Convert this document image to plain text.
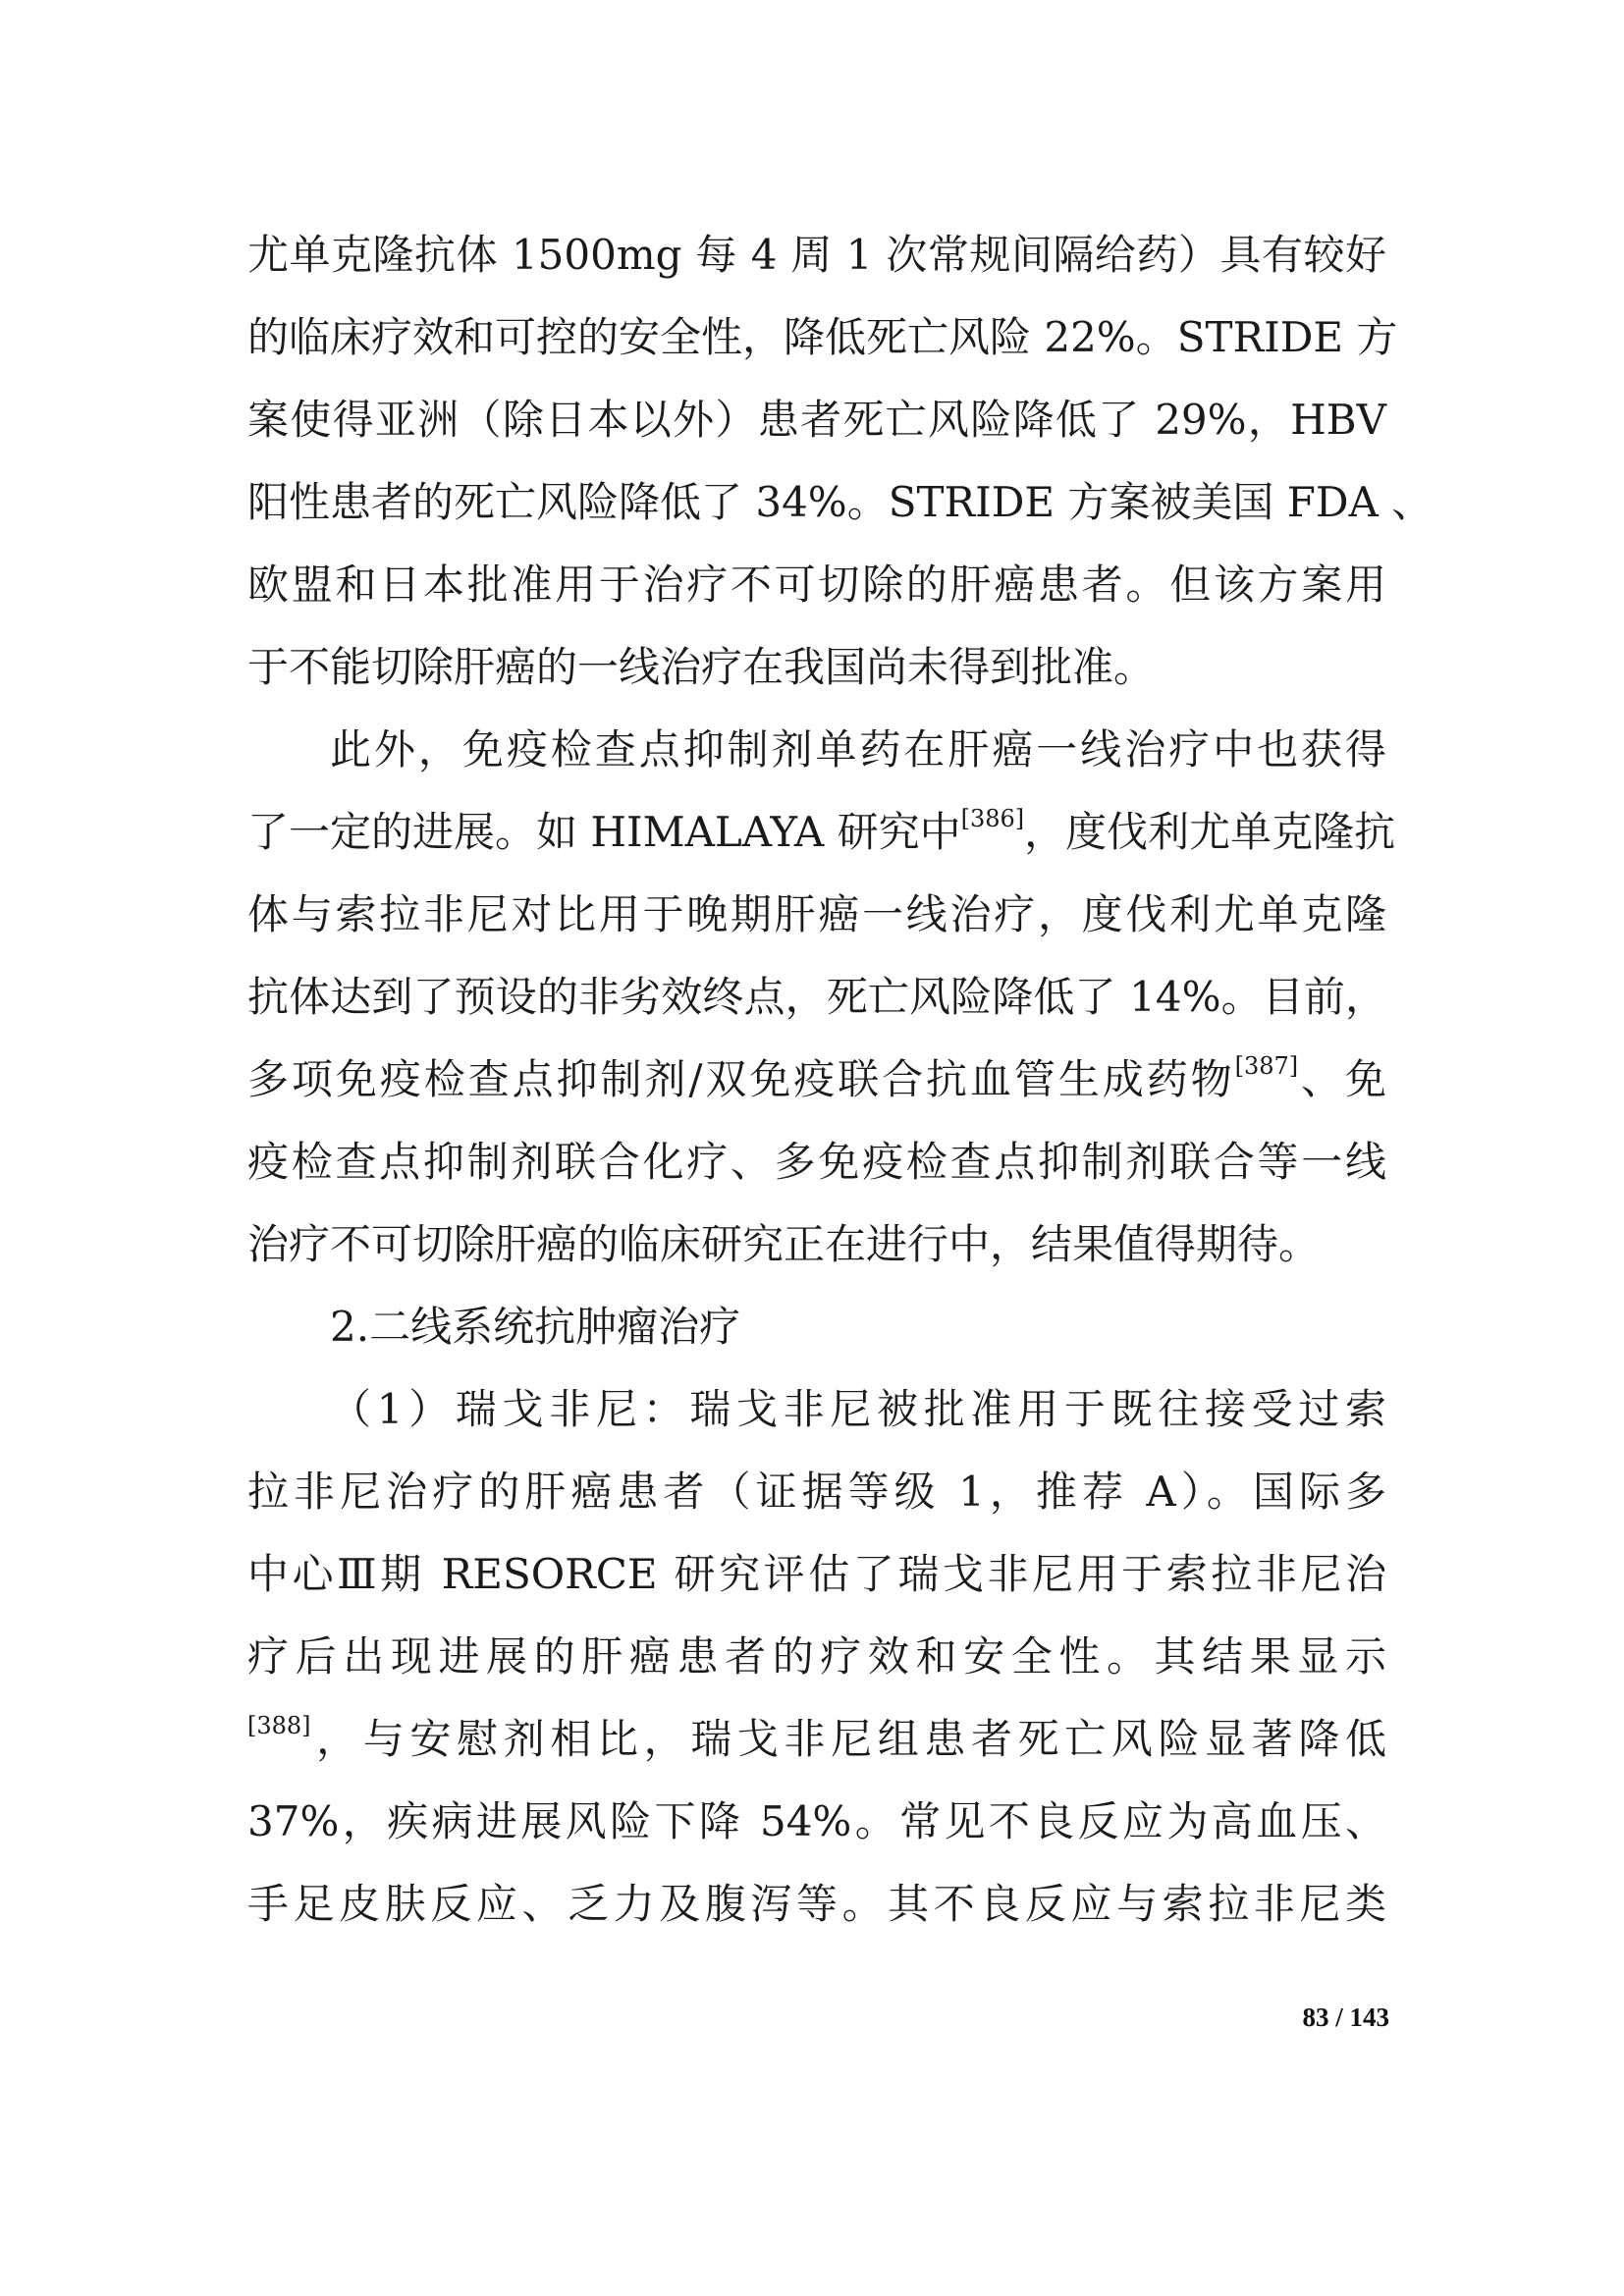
尤单克隆抗体 1500mg 每 4 周 1 次常规间隔给药）具有较好
的临床疗效和可控的安全性，降低死亡风险 22%。STRIDE 方
案使得亚洲（除日本以外）患者死亡风险降低了 29%，HBV
阳性患者的死亡风险降低了 34%。STRIDE 方案被美国 FDA 、
欧盟和日本批准用于治疗不可切除的肝癌患者。但该方案用
于不能切除肝癌的一线治疗在我国尚未得到批准。
此外，免疫检查点抑制剂单药在肝癌一线治疗中也获得
了一定的进展。如 HIMALAYA 研究中[386]，度伐利尤单克隆抗
体与索拉非尼对比用于晚期肝癌一线治疗，度伐利尤单克隆
抗体达到了预设的非劣效终点，死亡风险降低了 14%。目前，
多项免疫检查点抑制剂/双免疫联合抗血管生成药物[387]、免
疫检查点抑制剂联合化疗、多免疫检查点抑制剂联合等一线
治疗不可切除肝癌的临床研究正在进行中，结果值得期待。
2.二线系统抗肿瘤治疗
（1）瑞戈非尼：瑞戈非尼被批准用于既往接受过索
拉非尼治疗的肝癌患者（证据等级 1，推荐 A）。国际多
中心Ⅲ期 RESORCE 研究评估了瑞戈非尼用于索拉非尼治
疗后出现进展的肝癌患者的疗效和安全性。其结果显示
[388]，与安慰剂相比，瑞戈非尼组患者死亡风险显著降低
37%，疾病进展风险下降 54%。常见不良反应为高血压、
手足皮肤反应、乏力及腹泻等。其不良反应与索拉非尼类
83 / 143
